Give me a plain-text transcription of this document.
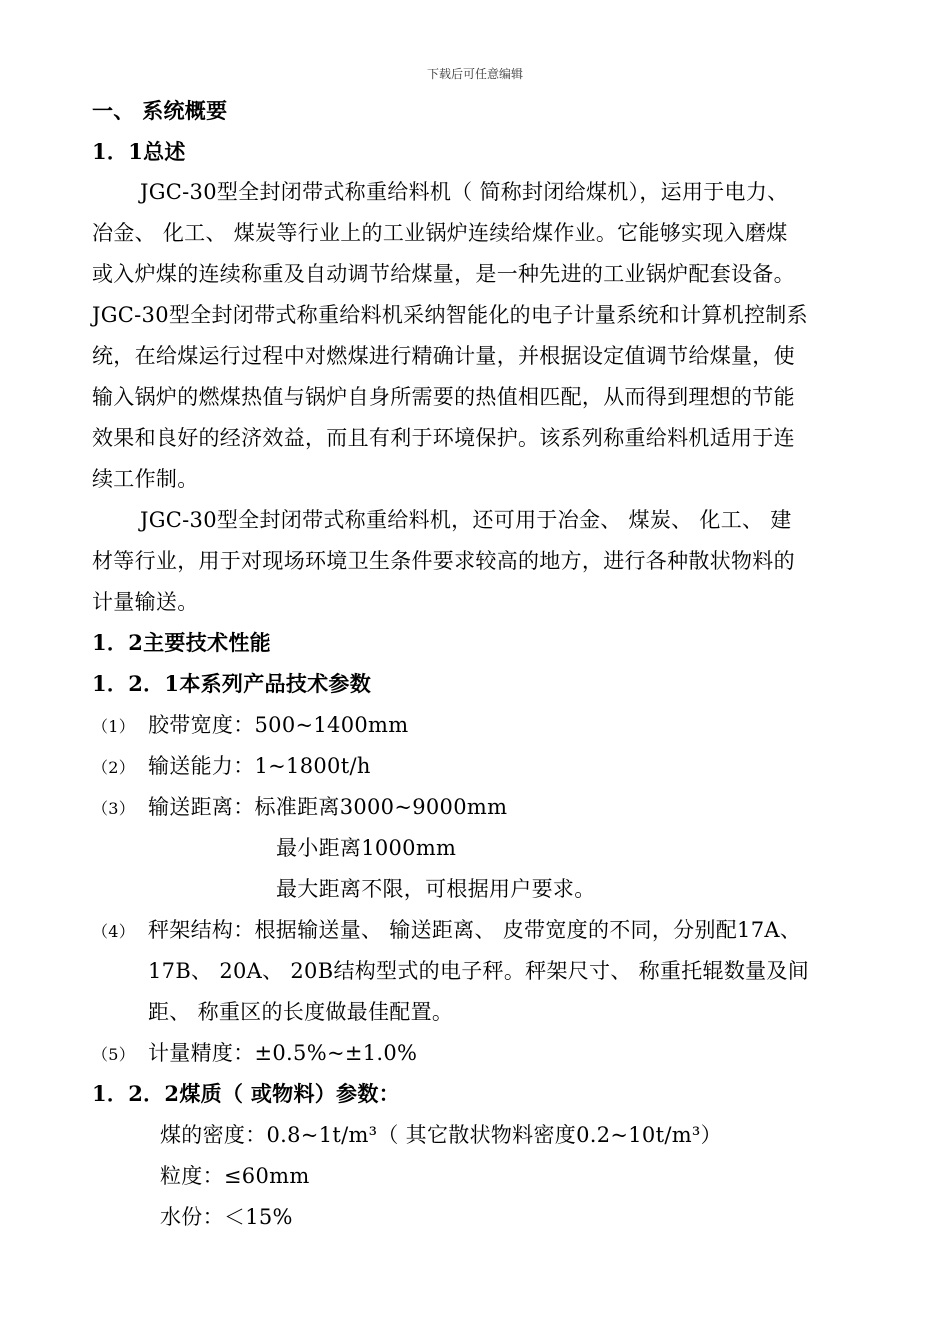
下载后可任意编辑
一、 系统概要
1．1总述
JGC-30型全封闭带式称重给料机（ 简称封闭给煤机），运用于电力、
冶金、 化工、 煤炭等行业上的工业锅炉连续给煤作业。它能够实现入磨煤
或入炉煤的连续称重及自动调节给煤量，是一种先进的工业锅炉配套设备。
JGC-30型全封闭带式称重给料机采纳智能化的电子计量系统和计算机控制系
统，在给煤运行过程中对燃煤进行精确计量，并根据设定值调节给煤量，使
输入锅炉的燃煤热值与锅炉自身所需要的热值相匹配，从而得到理想的节能
效果和良好的经济效益，而且有利于环境保护。该系列称重给料机适用于连
续工作制。
JGC-30型全封闭带式称重给料机，还可用于冶金、 煤炭、 化工、 建
材等行业，用于对现场环境卫生条件要求较高的地方，进行各种散状物料的
计量输送。
1．2主要技术性能
1．2．1本系列产品技术参数
（1） 胶带宽度：500~1400mm
（2） 输送能力：1~1800t/h
（3） 输送距离：标准距离3000~9000mm
最小距离1000mm
最大距离不限，可根据用户要求。
（4） 秤架结构：根据输送量、 输送距离、 皮带宽度的不同，分别配17A、
17B、 20A、 20B结构型式的电子秤。秤架尺寸、 称重托辊数量及间
距、 称重区的长度做最佳配置。
（5） 计量精度：±0.5%~±1.0%
1．2．2煤质（ 或物料）参数：
煤的密度：0.8~1t/m³（ 其它散状物料密度0.2~10t/m³）
粒度：≤60mm
水份：＜15%
